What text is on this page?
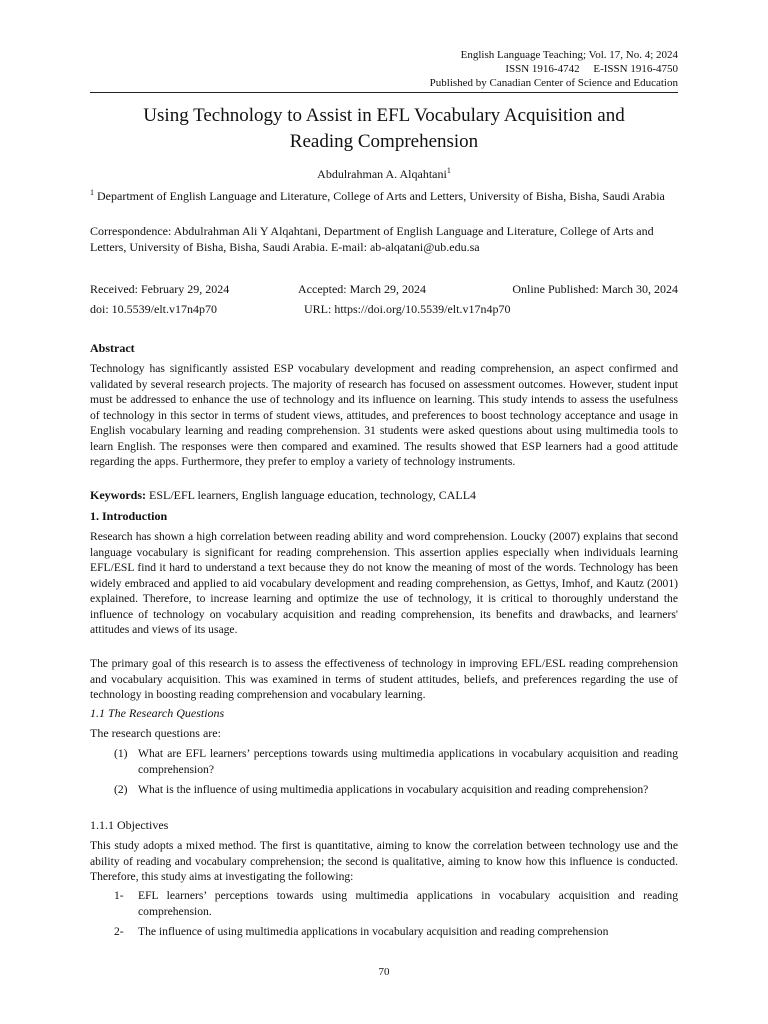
English Language Teaching; Vol. 17, No. 4; 2024
ISSN 1916-4742     E-ISSN 1916-4750
Published by Canadian Center of Science and Education
Using Technology to Assist in EFL Vocabulary Acquisition and
Reading Comprehension
Abdulrahman A. Alqahtani$^1$
$^1$ Department of English Language and Literature, College of Arts and Letters, University of Bisha, Bisha, Saudi Arabia
Correspondence: Abdulrahman Ali Y Alqahtani, Department of English Language and Literature, College of Arts and Letters, University of Bisha, Bisha, Saudi Arabia. E-mail: ab-alqatani@ub.edu.sa
Received: February 29, 2024	Accepted: March 29, 2024	Online Published: March 30, 2024
doi: 10.5539/elt.v17n4p70	URL: https://doi.org/10.5539/elt.v17n4p70
Abstract
Technology has significantly assisted ESP vocabulary development and reading comprehension, an aspect confirmed and validated by several research projects. The majority of research has focused on assessment outcomes. However, student input must be addressed to enhance the use of technology and its influence on learning. This study intends to assess the usefulness of technology in this sector in terms of student views, attitudes, and preferences to boost technology acceptance and usage in English vocabulary learning and reading comprehension. 31 students were asked questions about using multimedia tools to learn English. The responses were then compared and examined. The results showed that ESP learners had a good attitude regarding the apps. Furthermore, they prefer to employ a variety of technology instruments.
Keywords: ESL/EFL learners, English language education, technology, CALL4
1. Introduction
Research has shown a high correlation between reading ability and word comprehension. Loucky (2007) explains that second language vocabulary is significant for reading comprehension. This assertion applies especially when individuals learning EFL/ESL find it hard to understand a text because they do not know the meaning of most of the words. Technology has been widely embraced and applied to aid vocabulary development and reading comprehension, as Gettys, Imhof, and Kautz (2001) explained. Therefore, to increase learning and optimize the use of technology, it is critical to thoroughly understand the influence of technology on vocabulary acquisition and reading comprehension, its benefits and drawbacks, and learners' attitudes and views of its usage.
The primary goal of this research is to assess the effectiveness of technology in improving EFL/ESL reading comprehension and vocabulary acquisition. This was examined in terms of student attitudes, beliefs, and preferences regarding the use of technology in boosting reading comprehension and vocabulary learning.
1.1 The Research Questions
The research questions are:
(1) What are EFL learners’ perceptions towards using multimedia applications in vocabulary acquisition and reading comprehension?
(2) What is the influence of using multimedia applications in vocabulary acquisition and reading comprehension?
1.1.1 Objectives
This study adopts a mixed method. The first is quantitative, aiming to know the correlation between technology use and the ability of reading and vocabulary comprehension; the second is qualitative, aiming to know how this influence is conducted. Therefore, this study aims at investigating the following:
1- EFL learners’ perceptions towards using multimedia applications in vocabulary acquisition and reading comprehension.
2- The influence of using multimedia applications in vocabulary acquisition and reading comprehension
70
